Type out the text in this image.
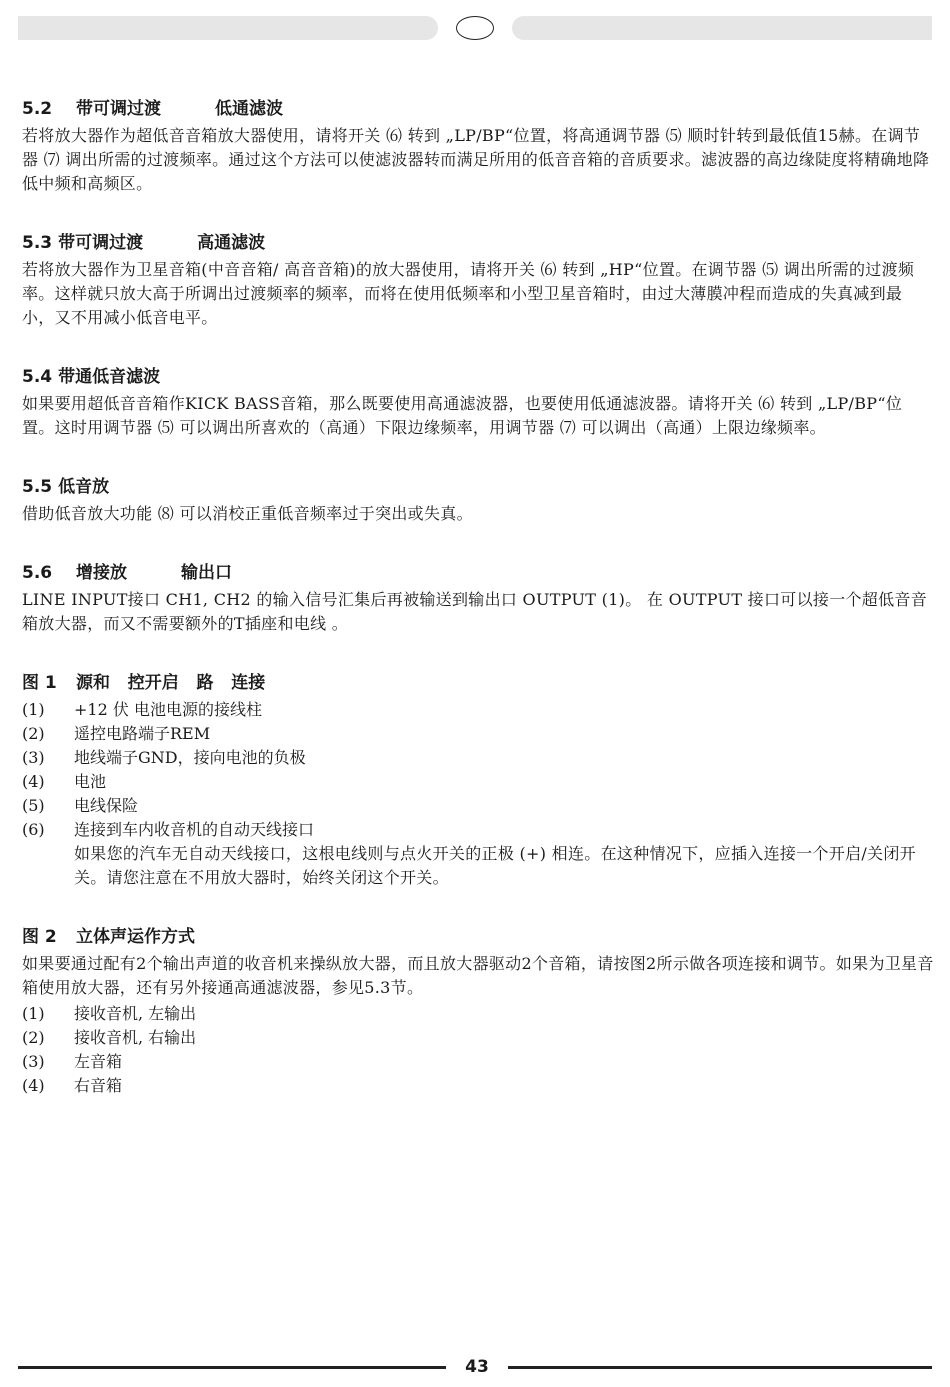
5.2	带可调过渡	低通滤波

若将放大器作为超低音音箱放大器使用，请将开关 ⑹ 转到 „LP/BP“位置，将高通调节器 ⑸ 顺时针转到最低值15赫。在调节器 ⑺ 调出所需的过渡频率。通过这个方法可以使滤波器转而满足所用的低音音箱的音质要求。滤波器的高边缘陡度将精确地降低中频和高频区。

5.3 带可调过渡	高通滤波

若将放大器作为卫星音箱(中音音箱/ 高音音箱)的放大器使用，请将开关 ⑹ 转到 „HP“位置。在调节器 ⑸ 调出所需的过渡频率。这样就只放大高于所调出过渡频率的频率，而将在使用低频率和小型卫星音箱时，由过大薄膜冲程而造成的失真减到最小，又不用减小低音电平。

5.4 带通低音滤波

如果要用超低音音箱作KICK BASS音箱，那么既要使用高通滤波器，也要使用低通滤波器。请将开关 ⑹ 转到 „LP/BP“位置。这时用调节器 ⑸ 可以调出所喜欢的（高通）下限边缘频率，用调节器 ⑺ 可以调出（高通）上限边缘频率。

5.5 低音放

借助低音放大功能 ⑻ 可以消校正重低音频率过于突出或失真。

5.6	增接放	输出口

LINE INPUT接口 CH1, CH2 的输入信号汇集后再被输送到输出口 OUTPUT (1)。 在 OUTPUT 接口可以接一个超低音音箱放大器，而又不需要额外的T插座和电线 。

图 1	源和   控开启   路   连接
(1)	+12 伏 电池电源的接线柱
(2)	遥控电路端子REM
(3)	地线端子GND，接向电池的负极
(4)	电池
(5)	电线保险
(6)	连接到车内收音机的自动天线接口
如果您的汽车无自动天线接口，这根电线则与点火开关的正极 (+) 相连。在这种情况下，应插入连接一个开启/关闭开关。请您注意在不用放大器时，始终关闭这个开关。
图 2	立体声运作方式

如果要通过配有2个输出声道的收音机来操纵放大器，而且放大器驱动2个音箱，请按图2所示做各项连接和调节。如果为卫星音箱使用放大器，还有另外接通高通滤波器，参见5.3节。

(1)	接收音机, 左输出
(2)	接收音机, 右输出
(3)	左音箱
(4)	右音箱
43
